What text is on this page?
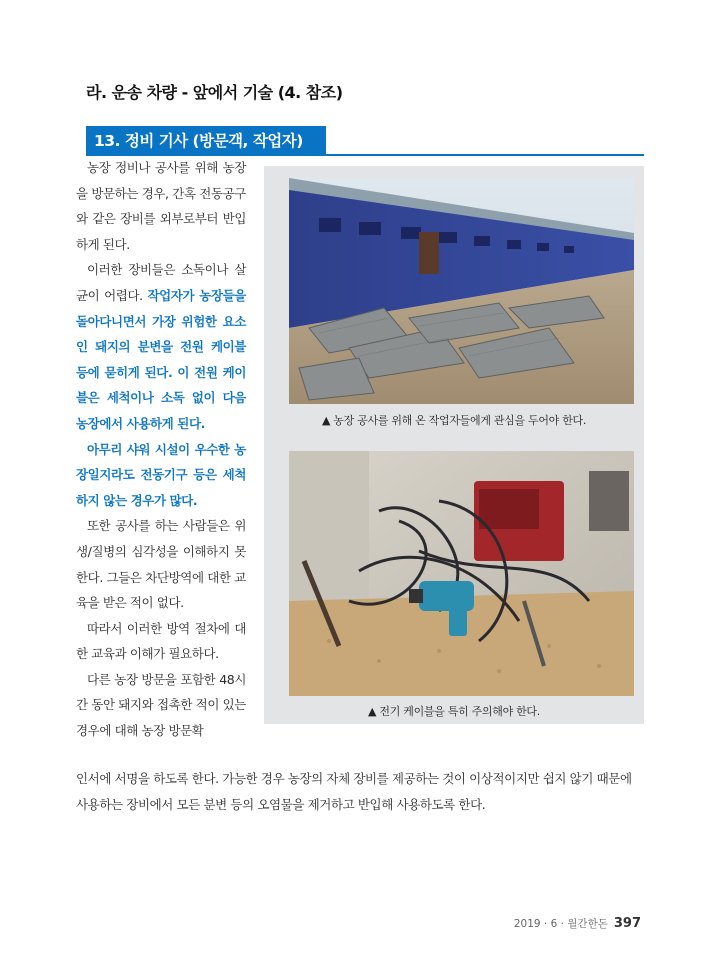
라. 운송 차량 - 앞에서 기술 (4. 참조)
13. 정비 기사 (방문객, 작업자)

농장 정비나 공사를 위해 농장을 방문하는 경우, 간혹 전동공구와 같은 장비를 외부로부터 반입하게 된다.

이러한 장비들은 소독이나 살균이 어렵다. 작업자가 농장들을 돌아다니면서 가장 위험한 요소인 돼지의 분변을 전원 케이블 등에 묻히게 된다. 이 전원 케이블은 세척이나 소독 없이 다음 농장에서 사용하게 된다.

아무리 샤워 시설이 우수한 농장일지라도 전동기구 등은 세척하지 않는 경우가 많다.

또한 공사를 하는 사람들은 위생/질병의 심각성을 이해하지 못한다. 그들은 차단방역에 대한 교육을 받은 적이 없다.

따라서 이러한 방역 절차에 대한 교육과 이해가 필요하다.

다른 농장 방문을 포함한 48시간 동안 돼지와 접촉한 적이 있는 경우에 대해 농장 방문확

인서에 서명을 하도록 한다. 가능한 경우 농장의 자체 장비를 제공하는 것이 이상적이지만 쉽지 않기 때문에 사용하는 장비에서 모든 분변 등의 오염물을 제거하고 반입해 사용하도록 한다.

▲ 농장 공사를 위해 온 작업자들에게 관심을 두어야 한다.
▲ 전기 케이블을 특히 주의해야 한다.
2019 · 6 · 월간한돈 397
